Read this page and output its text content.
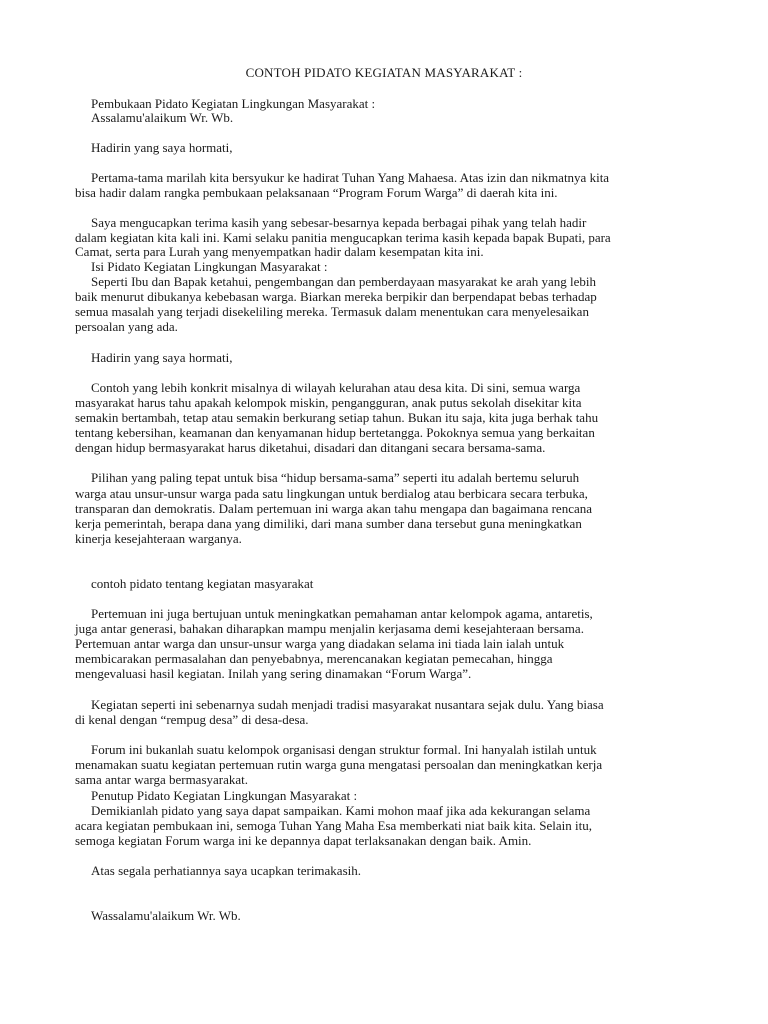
CONTOH PIDATO KEGIATAN MASYARAKAT :
Pembukaan Pidato Kegiatan Lingkungan Masyarakat :
Assalamu'alaikum Wr. Wb.
Hadirin yang saya hormati,
Pertama-tama marilah kita bersyukur ke hadirat Tuhan Yang Mahaesa. Atas izin dan nikmatnya kita
bisa hadir dalam rangka pembukaan pelaksanaan “Program Forum Warga” di daerah kita ini.
Saya mengucapkan terima kasih yang sebesar-besarnya kepada berbagai pihak yang telah hadir
dalam kegiatan kita kali ini. Kami selaku panitia mengucapkan terima kasih kepada bapak Bupati, para
Camat, serta para Lurah yang menyempatkan hadir dalam kesempatan kita ini.
Isi Pidato Kegiatan Lingkungan Masyarakat :
Seperti Ibu dan Bapak ketahui, pengembangan dan pemberdayaan masyarakat ke arah yang lebih
baik menurut dibukanya kebebasan warga. Biarkan mereka berpikir dan berpendapat bebas terhadap
semua masalah yang terjadi disekeliling mereka. Termasuk dalam menentukan cara menyelesaikan
persoalan yang ada.
Hadirin yang saya hormati,
Contoh yang lebih konkrit misalnya di wilayah kelurahan atau desa kita. Di sini, semua warga
masyarakat harus tahu apakah kelompok miskin, pengangguran, anak putus sekolah disekitar kita
semakin bertambah, tetap atau semakin berkurang setiap tahun. Bukan itu saja, kita juga berhak tahu
tentang kebersihan, keamanan dan kenyamanan hidup bertetangga. Pokoknya semua yang berkaitan
dengan hidup bermasyarakat harus diketahui, disadari dan ditangani secara bersama-sama.
Pilihan yang paling tepat untuk bisa “hidup bersama-sama” seperti itu adalah bertemu seluruh
warga atau unsur-unsur warga pada satu lingkungan untuk berdialog atau berbicara secara terbuka,
transparan dan demokratis. Dalam pertemuan ini warga akan tahu mengapa dan bagaimana rencana
kerja pemerintah, berapa dana yang dimiliki, dari mana sumber dana tersebut guna meningkatkan
kinerja kesejahteraan warganya.
contoh pidato tentang kegiatan masyarakat
Pertemuan ini juga bertujuan untuk meningkatkan pemahaman antar kelompok agama, antaretis,
juga antar generasi, bahakan diharapkan mampu menjalin kerjasama demi kesejahteraan bersama.
Pertemuan antar warga dan unsur-unsur warga yang diadakan selama ini tiada lain ialah untuk
membicarakan permasalahan dan penyebabnya, merencanakan kegiatan pemecahan, hingga
mengevaluasi hasil kegiatan. Inilah yang sering dinamakan “Forum Warga”.
Kegiatan seperti ini sebenarnya sudah menjadi tradisi masyarakat nusantara sejak dulu. Yang biasa
di kenal dengan “rempug desa” di desa-desa.
Forum ini bukanlah suatu kelompok organisasi dengan struktur formal. Ini hanyalah istilah untuk
menamakan suatu kegiatan pertemuan rutin warga guna mengatasi persoalan dan meningkatkan kerja
sama antar warga bermasyarakat.
Penutup Pidato Kegiatan Lingkungan Masyarakat :
Demikianlah pidato yang saya dapat sampaikan. Kami mohon maaf jika ada kekurangan selama
acara kegiatan pembukaan ini, semoga Tuhan Yang Maha Esa memberkati niat baik kita. Selain itu,
semoga kegiatan Forum warga ini ke depannya dapat terlaksanakan dengan baik. Amin.
Atas segala perhatiannya saya ucapkan terimakasih.
Wassalamu'alaikum Wr. Wb.
